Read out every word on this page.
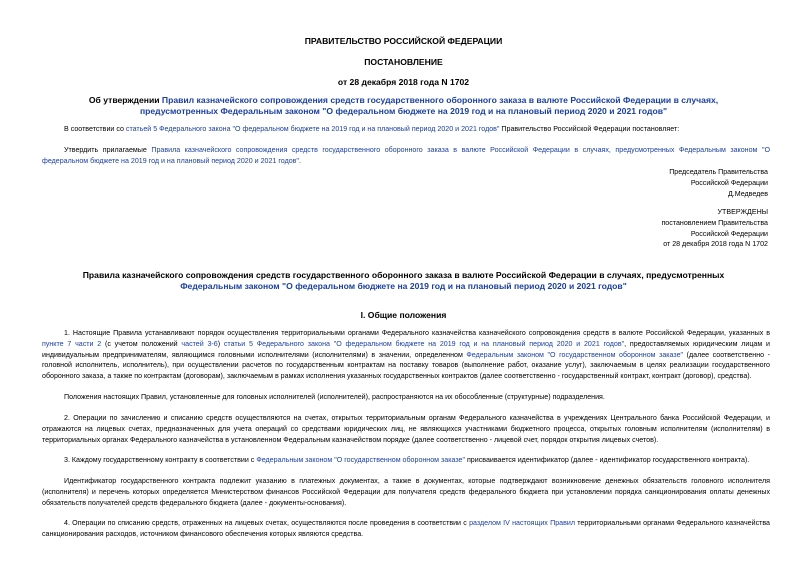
ПРАВИТЕЛЬСТВО РОССИЙСКОЙ ФЕДЕРАЦИИ

ПОСТАНОВЛЕНИЕ

от 28 декабря 2018 года N 1702

Об утверждении Правил казначейского сопровождения средств государственного оборонного заказа в валюте Российской Федерации в случаях, предусмотренных Федеральным законом "О федеральном бюджете на 2019 год и на плановый период 2020 и 2021 годов"

В соответствии со статьей 5 Федерального закона "О федеральном бюджете на 2019 год и на плановый период 2020 и 2021 годов" Правительство Российской Федерации постановляет:

Утвердить прилагаемые Правила казначейского сопровождения средств государственного оборонного заказа в валюте Российской Федерации в случаях, предусмотренных Федеральным законом "О федеральном бюджете на 2019 год и на плановый период 2020 и 2021 годов".

Председатель Правительства
Российской Федерации
Д.Медведев
УТВЕРЖДЕНЫ
постановлением Правительства
Российской Федерации
от 28 декабря 2018 года N 1702

Правила казначейского сопровождения средств государственного оборонного заказа в валюте Российской Федерации в случаях, предусмотренных Федеральным законом "О федеральном бюджете на 2019 год и на плановый период 2020 и 2021 годов"

I. Общие положения

1. Настоящие Правила устанавливают порядок осуществления территориальными органами Федерального казначейства казначейского сопровождения средств в валюте Российской Федерации, указанных в пункте 7 части 2 (с учетом положений частей 3-6) статьи 5 Федерального закона "О федеральном бюджете на 2019 год и на плановый период 2020 и 2021 годов", предоставляемых юридическим лицам и индивидуальным предпринимателям, являющимся головными исполнителями (исполнителями) в значении, определенном Федеральным законом "О государственном оборонном заказе" (далее соответственно - головной исполнитель, исполнитель), при осуществлении расчетов по государственным контрактам на поставку товаров (выполнение работ, оказание услуг), заключаемым в целях реализации государственного оборонного заказа, а также по контрактам (договорам), заключаемым в рамках исполнения указанных государственных контрактов (далее соответственно - государственный контракт, контракт (договор), средства).

Положения настоящих Правил, установленные для головных исполнителей (исполнителей), распространяются на их обособленные (структурные) подразделения.

2. Операции по зачислению и списанию средств осуществляются на счетах, открытых территориальным органам Федерального казначейства в учреждениях Центрального банка Российской Федерации, и отражаются на лицевых счетах, предназначенных для учета операций со средствами юридических лиц, не являющихся участниками бюджетного процесса, открытых головным исполнителям (исполнителям) в территориальных органах Федерального казначейства в установленном Федеральным казначейством порядке (далее соответственно - лицевой счет, порядок открытия лицевых счетов).

3. Каждому государственному контракту в соответствии с Федеральным законом "О государственном оборонном заказе" присваивается идентификатор (далее - идентификатор государственного контракта).

Идентификатор государственного контракта подлежит указанию в платежных документах, а также в документах, которые подтверждают возникновение денежных обязательств головного исполнителя (исполнителя) и перечень которых определяется Министерством финансов Российской Федерации для получателя средств федерального бюджета при установлении порядка санкционирования оплаты денежных обязательств получателей средств федерального бюджета (далее - документы-основания).

4. Операции по списанию средств, отраженных на лицевых счетах, осуществляются после проведения в соответствии с разделом IV настоящих Правил территориальными органами Федерального казначейства санкционирования расходов, источником финансового обеспечения которых являются средства.
